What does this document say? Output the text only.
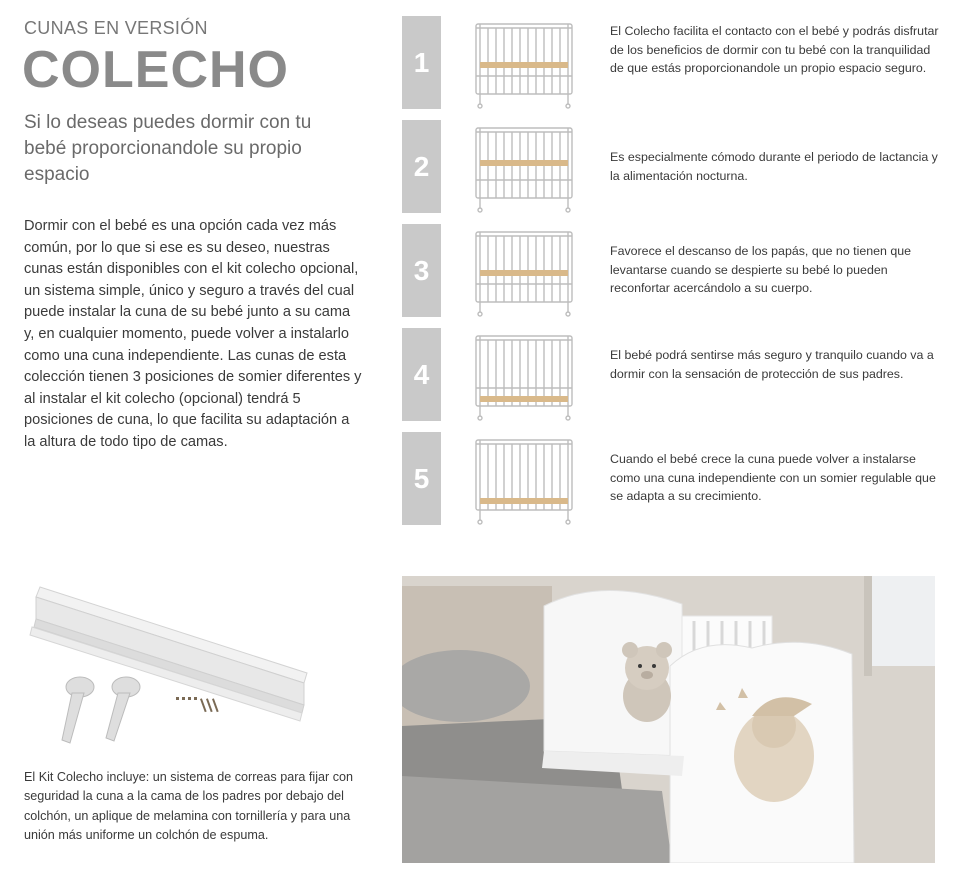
CUNAS EN VERSIÓN
COLECHO
Si lo deseas puedes dormir con tu bebé proporcionandole su propio espacio
Dormir con el bebé es una opción cada vez más común, por lo que si ese es su deseo, nuestras cunas están disponibles con el kit colecho opcional, un sistema simple, único y seguro a través del cual puede instalar la cuna de su bebé junto a su cama y, en cualquier momento, puede volver a instalarlo como una cuna independiente. Las cunas de esta colección tienen 3 posiciones de somier diferentes y al instalar el kit colecho (opcional) tendrá 5 posiciones de cuna, lo que facilita su adaptación a la altura de todo tipo de camas.
1
El Colecho facilita el contacto con el bebé y podrás disfrutar de los beneficios de dormir con tu bebé con la tranquilidad de que estás proporcionandole un propio espacio seguro.
2	Es especialmente cómodo durante el periodo de lactancia y la alimentación nocturna.
3
Favorece el descanso de los papás, que no tienen que levantarse cuando se despierte su bebé lo pueden reconfortar acercándolo a su cuerpo.
4
El bebé podrá sentirse más seguro y tranquilo cuando va a dormir con la sensación de protección de sus padres.
5
Cuando el bebé crece la cuna puede volver a instalarse como una cuna independiente con un somier regulable que se adapta a su crecimiento.
El Kit Colecho incluye: un sistema de correas para fijar con seguridad la cuna a la cama de los padres por debajo del colchón, un aplique de melamina con tornillería y para una unión más uniforme un colchón de espuma.
